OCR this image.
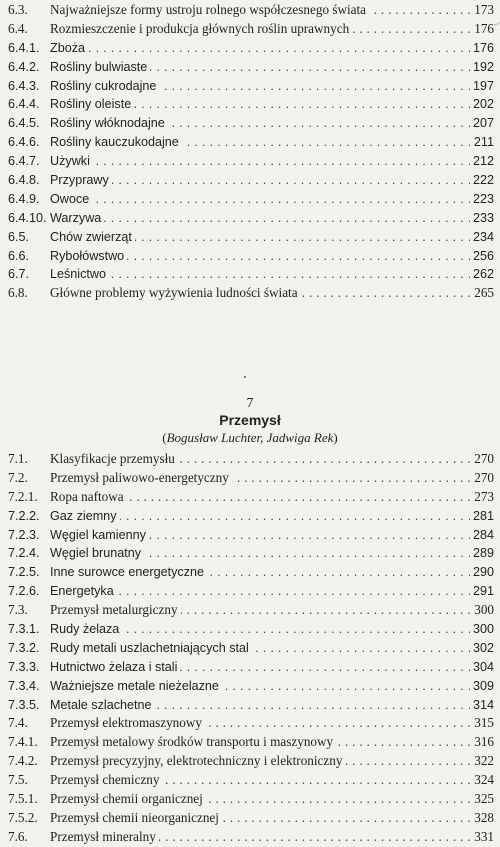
6.3. Najważniejsze formy ustroju rolnego współczesnego świata . . .	173
6.4. Rozmieszczenie i produkcja głównych roślin uprawnych . . .	176
6.4.1. Zboża . . .	176
6.4.2. Rośliny bulwiaste . . .	192
6.4.3. Rośliny cukrodajne . . .	197
6.4.4. Rośliny oleiste . . .	202
6.4.5. Rośliny włóknodajne . . .	207
6.4.6. Rośliny kauczukodajne . . .	211
6.4.7. Używki . . .	212
6.4.8. Przyprawy . . .	222
6.4.9. Owoce . . .	223
6.4.10. Warzywa . . .	233
6.5. Chów zwierząt . . .	234
6.6. Rybołówstwo . . .	256
6.7. Leśnictwo . . .	262
6.8. Główne problemy wyżywienia ludności świata . . .	265
7
Przemysł
(Bogusław Luchter, Jadwiga Rek)
7.1. Klasyfikacje przemysłu . . .	270
7.2. Przemysł paliwowo-energetyczny . . .	270
7.2.1. Ropa naftowa . . .	273
7.2.2. Gaz ziemny . . .	281
7.2.3. Węgiel kamienny . . .	284
7.2.4. Węgiel brunatny . . .	289
7.2.5. Inne surowce energetyczne . . .	290
7.2.6. Energetyka . . .	291
7.3. Przemysł metalurgiczny . . .	300
7.3.1. Rudy żelaza . . .	300
7.3.2. Rudy metali uszlachetniających stal . . .	302
7.3.3. Hutnictwo żelaza i stali . . .	304
7.3.4. Ważniejsze metale nieżelazne . . .	309
7.3.5. Metale szlachetne . . .	314
7.4. Przemysł elektromaszynowy . . .	315
7.4.1. Przemysł metalowy środków transportu i maszynowy . . .	316
7.4.2. Przemysł precyzyjny, elektrotechniczny i elektroniczny . . .	322
7.5. Przemysł chemiczny . . .	324
7.5.1. Przemysł chemii organicznej . . .	325
7.5.2. Przemysł chemii nieorganicznej . . .	328
7.6. Przemysł mineralny . . .	331
